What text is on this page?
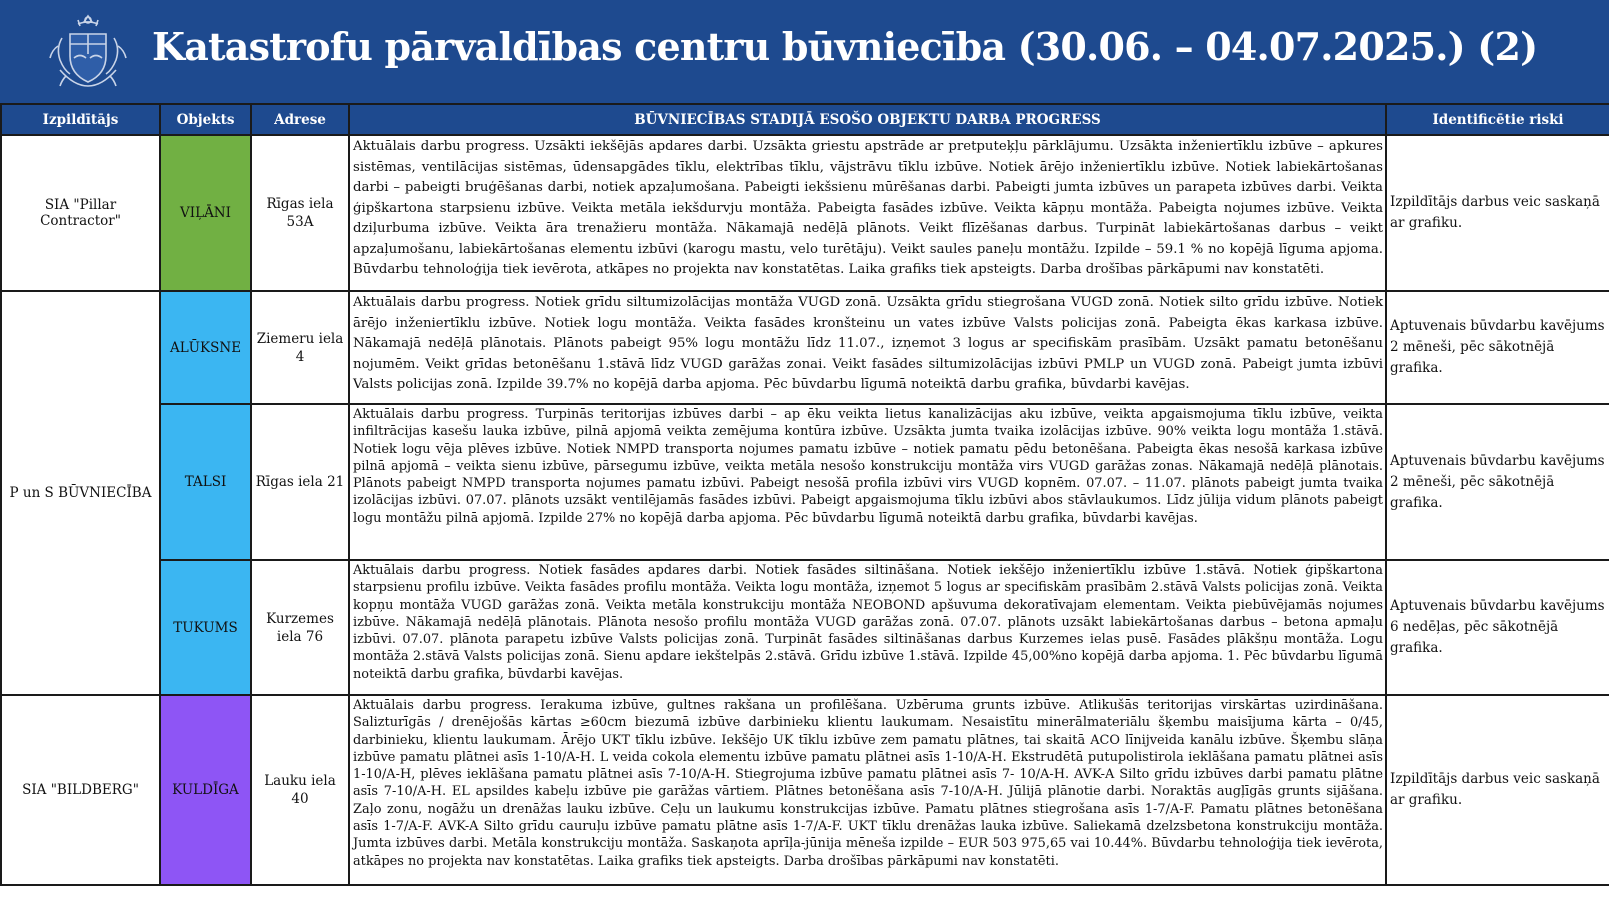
Katastrofu pārvaldības centru būvniecība (30.06. – 04.07.2025.) (2)
Izpildītājs	Objekts	Adrese	BŪVNIECĪBAS STADIJĀ ESOŠO OBJEKTU DARBA PROGRESS	Identificētie riski
SIA "Pillar Contractor"	VIĻĀNI	Rīgas iela 53A	Aktuālais darbu progress. Uzsākti iekšējās apdares darbi. Uzsākta griestu apstrāde ar pretputeķļu pārklājumu. Uzsākta inženiertīklu izbūve – apkures sistēmas, ventilācijas sistēmas, ūdensapgādes tīklu, elektrības tīklu, vājstrāvu tīklu izbūve. Notiek ārējo inženiertīklu izbūve. Notiek labiekārtošanas darbi – pabeigti bruģēšanas darbi, notiek apzaļumošana. Pabeigti iekšsienu mūrēšanas darbi. Pabeigti jumta izbūves un parapeta izbūves darbi. Veikta ģipškartona starpsienu izbūve. Veikta metāla iekšdurvju montāža. Pabeigta fasādes izbūve. Veikta kāpņu montāža. Pabeigta nojumes izbūve. Veikta dziļurbuma izbūve. Veikta āra trenažieru montāža. Nākamajā nedēļā plānots. Veikt flīzēšanas darbus. Turpināt labiekārtošanas darbus – veikt apzaļumošanu, labiekārtošanas elementu izbūvi (karogu mastu, velo turētāju). Veikt saules paneļu montāžu. Izpilde – 59.1 % no kopējā līguma apjoma. Būvdarbu tehnoloģija tiek ievērota, atkāpes no projekta nav konstatētas. Laika grafiks tiek apsteigts. Darba drošības pārkāpumi nav konstatēti.	Izpildītājs darbus veic saskaņā ar grafiku.
P un S BŪVNIECĪBA	ALŪKSNE	Ziemeru iela 4	Aktuālais darbu progress. Notiek grīdu siltumizolācijas montāža VUGD zonā. Uzsākta grīdu stiegrošana VUGD zonā. Notiek silto grīdu izbūve. Notiek ārējo inženiertīklu izbūve. Notiek logu montāža. Veikta fasādes kronšteinu un vates izbūve Valsts policijas zonā. Pabeigta ēkas karkasa izbūve. Nākamajā nedēļā plānotais. Plānots pabeigt 95% logu montāžu līdz 11.07., izņemot 3 logus ar specifiskām prasībām. Uzsākt pamatu betonēšanu nojumēm. Veikt grīdas betonēšanu 1.stāvā līdz VUGD garāžas zonai. Veikt fasādes siltumizolācijas izbūvi PMLP un VUGD zonā. Pabeigt jumta izbūvi Valsts policijas zonā. Izpilde 39.7% no kopējā darba apjoma. Pēc būvdarbu līgumā noteiktā darbu grafika, būvdarbi kavējas.	Aptuvenais būvdarbu kavējums 2 mēneši, pēc sākotnējā grafika.
	TALSI	Rīgas iela 21	Aktuālais darbu progress. Turpinās teritorijas izbūves darbi – ap ēku veikta lietus kanalizācijas aku izbūve, veikta apgaismojuma tīklu izbūve, veikta infiltrācijas kasešu lauka izbūve, pilnā apjomā veikta zemējuma kontūra izbūve. Uzsākta jumta tvaika izolācijas izbūve. 90% veikta logu montāža 1.stāvā. Notiek logu vēja plēves izbūve. Notiek NMPD transporta nojumes pamatu izbūve – notiek pamatu pēdu betonēšana. Pabeigta ēkas nesošā karkasa izbūve pilnā apjomā – veikta sienu izbūve, pārsegumu izbūve, veikta metāla nesošo konstrukciju montāža virs VUGD garāžas zonas. Nākamajā nedēļā plānotais. Plānots pabeigt NMPD transporta nojumes pamatu izbūvi. Pabeigt nesošā profila izbūvi virs VUGD kopnēm. 07.07. – 11.07. plānots pabeigt jumta tvaika izolācijas izbūvi. 07.07. plānots uzsākt ventilējamās fasādes izbūvi. Pabeigt apgaismojuma tīklu izbūvi abos stāvlaukumos. Līdz jūlija vidum plānots pabeigt logu montāžu pilnā apjomā. Izpilde 27% no kopējā darba apjoma. Pēc būvdarbu līgumā noteiktā darbu grafika, būvdarbi kavējas.	Aptuvenais būvdarbu kavējums 2 mēneši, pēc sākotnējā grafika.
	TUKUMS	Kurzemes iela 76	Aktuālais darbu progress. Notiek fasādes apdares darbi. Notiek fasādes siltināšana. Notiek iekšējo inženiertīklu izbūve 1.stāvā. Notiek ģipškartona starpsienu profilu izbūve. Veikta fasādes profilu montāža. Veikta logu montāža, izņemot 5 logus ar specifiskām prasībām 2.stāvā Valsts policijas zonā. Veikta kopņu montāža VUGD garāžas zonā. Veikta metāla konstrukciju montāža NEOBOND apšuvuma dekoratīvajam elementam. Veikta piebūvējamās nojumes izbūve. Nākamajā nedēļā plānotais. Plānota nesošo profilu montāža VUGD garāžas zonā. 07.07. plānots uzsākt labiekārtošanas darbus – betona apmaļu izbūvi. 07.07. plānota parapetu izbūve Valsts policijas zonā. Turpināt fasādes siltināšanas darbus Kurzemes ielas pusē. Fasādes plākšņu montāža. Logu montāža 2.stāvā Valsts policijas zonā. Sienu apdare iekštelpās 2.stāvā. Grīdu izbūve 1.stāvā. Izpilde 45,00%no kopējā darba apjoma. 1. Pēc būvdarbu līgumā noteiktā darbu grafika, būvdarbi kavējas.	Aptuvenais būvdarbu kavējums 6 nedēļas, pēc sākotnējā grafika.
SIA "BILDBERG"	KULDĪGA	Lauku iela 40	Aktuālais darbu progress. Ierakuma izbūve, gultnes rakšana un profilēšana. Uzbēruma grunts izbūve. Atlikušās teritorijas virskārtas uzirdināšana. Salizturīgās / drenējošās kārtas ≥60cm biezumā izbūve darbinieku klientu laukumam. Nesaistītu minerālmateriālu šķembu maisījuma kārta – 0/45, darbinieku, klientu laukumam. Ārējo UKT tīklu izbūve. Iekšējo UK tīklu izbūve zem pamatu plātnes, tai skaitā ACO līnijveida kanālu izbūve. Šķembu slāņa izbūve pamatu plātnei asīs 1-10/A-H. L veida cokola elementu izbūve pamatu plātnei asīs 1-10/A-H. Ekstrudētā putupolistirola ieklāšana pamatu plātnei asīs 1-10/A-H, plēves ieklāšana pamatu plātnei asīs 7-10/A-H. Stiegrojuma izbūve pamatu plātnei asīs 7- 10/A-H. AVK-A Silto grīdu izbūves darbi pamatu plātne asīs 7-10/A-H. EL apsildes kabeļu izbūve pie garāžas vārtiem. Plātnes betonēšana asīs 7-10/A-H. Jūlijā plānotie darbi. Noraktās augļīgās grunts sijāšana. Zaļo zonu, nogāžu un drenāžas lauku izbūve. Ceļu un laukumu konstrukcijas izbūve. Pamatu plātnes stiegrošana asīs 1-7/A-F. Pamatu plātnes betonēšana asīs 1-7/A-F. AVK-A Silto grīdu cauruļu izbūve pamatu plātne asīs 1-7/A-F. UKT tīklu drenāžas lauka izbūve. Saliekamā dzelzsbetona konstrukciju montāža. Jumta izbūves darbi. Metāla konstrukciju montāža. Saskaņota aprīļa-jūnija mēneša izpilde – EUR 503 975,65 vai 10.44%. Būvdarbu tehnoloģija tiek ievērota, atkāpes no projekta nav konstatētas. Laika grafiks tiek apsteigts. Darba drošības pārkāpumi nav konstatēti.	Izpildītājs darbus veic saskaņā ar grafiku.
